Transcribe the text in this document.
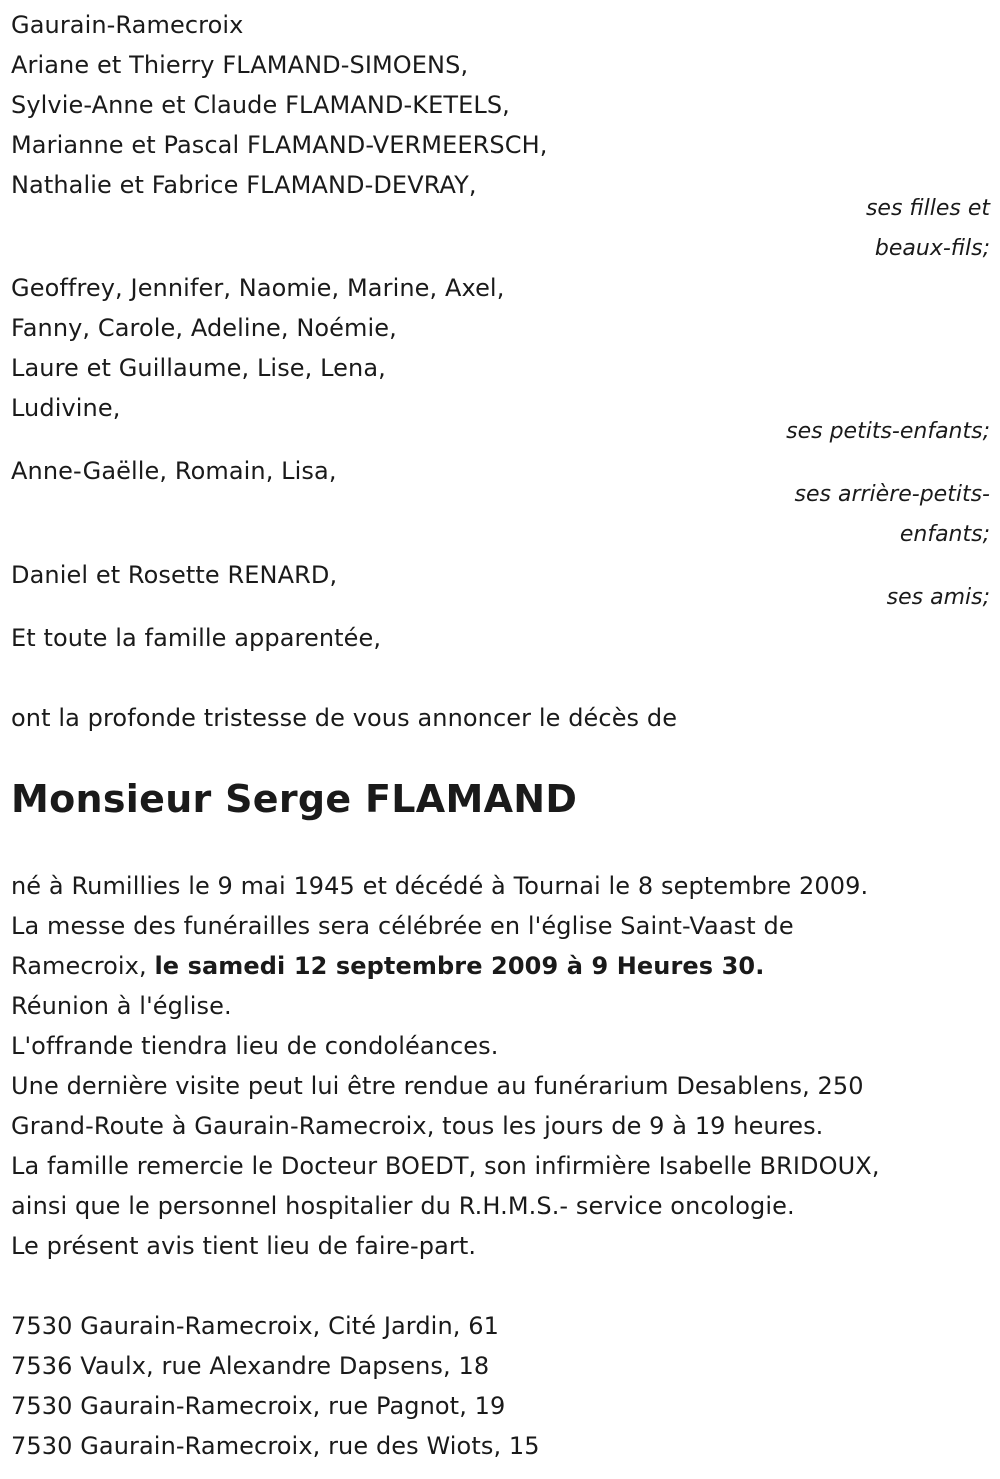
Gaurain-Ramecroix
Ariane et Thierry FLAMAND-SIMOENS,
Sylvie-Anne et Claude FLAMAND-KETELS,
Marianne et Pascal FLAMAND-VERMEERSCH,
Nathalie et Fabrice FLAMAND-DEVRAY,
ses filles et
beaux-fils;
Geoffrey, Jennifer, Naomie, Marine, Axel,
Fanny, Carole, Adeline, Noémie,
Laure et Guillaume, Lise, Lena,
Ludivine,
ses petits-enfants;
Anne-Gaëlle, Romain, Lisa,
ses arrière-petits-
enfants;
Daniel et Rosette RENARD,
ses amis;
Et toute la famille apparentée,
ont la profonde tristesse de vous annoncer le décès de
Monsieur Serge FLAMAND
né à Rumillies le 9 mai 1945 et décédé à Tournai le 8 septembre 2009.
La messe des funérailles sera célébrée en l'église Saint-Vaast de
Ramecroix, le samedi 12 septembre 2009 à 9 Heures 30.
Réunion à l'église.
L'offrande tiendra lieu de condoléances.
Une dernière visite peut lui être rendue au funérarium Desablens, 250
Grand-Route à Gaurain-Ramecroix, tous les jours de 9 à 19 heures.
La famille remercie le Docteur BOEDT, son infirmière Isabelle BRIDOUX,
ainsi que le personnel hospitalier du R.H.M.S.- service oncologie.
Le présent avis tient lieu de faire-part.
7530 Gaurain-Ramecroix, Cité Jardin, 61
7536 Vaulx, rue Alexandre Dapsens, 18
7530 Gaurain-Ramecroix, rue Pagnot, 19
7530 Gaurain-Ramecroix, rue des Wiots, 15
